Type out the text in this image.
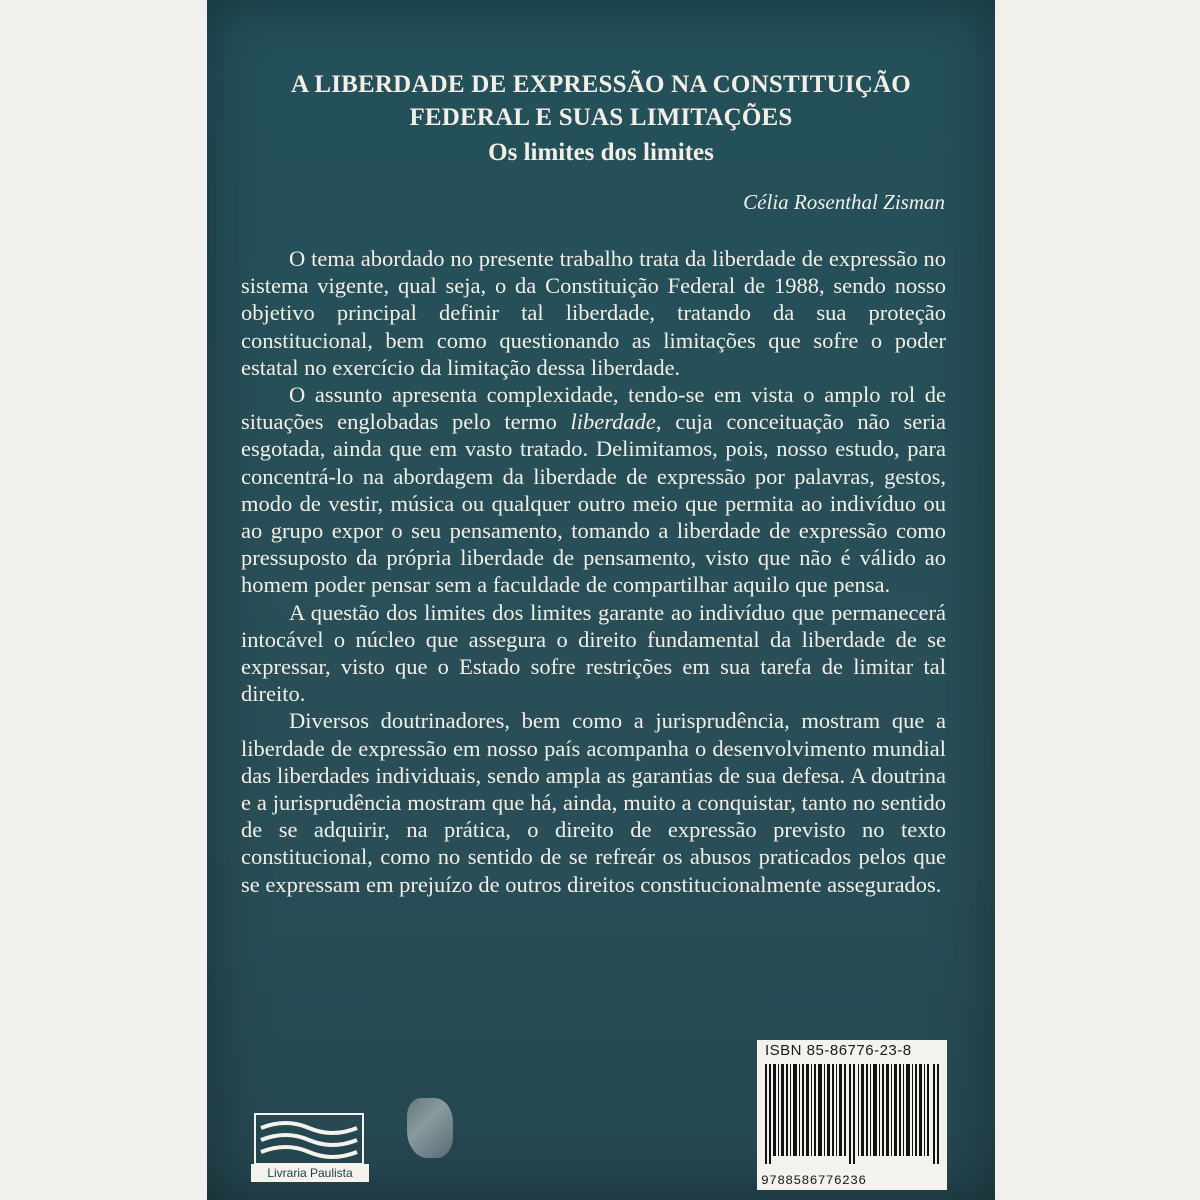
A LIBERDADE DE EXPRESSÃO NA CONSTITUIÇÃO
FEDERAL E SUAS LIMITAÇÕES
Os limites dos limites
Célia Rosenthal Zisman

O tema abordado no presente trabalho trata da liberdade de expressão no sistema vigente, qual seja, o da Constituição Federal de 1988, sendo nosso objetivo principal definir tal liberdade, tratando da sua proteção constitucional, bem como questionando as limitações que sofre o poder estatal no exercício da limitação dessa liberdade.

O assunto apresenta complexidade, tendo-se em vista o amplo rol de situações englobadas pelo termo liberdade, cuja conceituação não seria esgotada, ainda que em vasto tratado. Delimitamos, pois, nosso estudo, para concentrá-lo na abordagem da liberdade de expressão por palavras, gestos, modo de vestir, música ou qualquer outro meio que permita ao indivíduo ou ao grupo expor o seu pensamento, tomando a liberdade de expressão como pressuposto da própria liberdade de pensamento, visto que não é válido ao homem poder pensar sem a faculdade de compartilhar aquilo que pensa.

A questão dos limites dos limites garante ao indivíduo que permanecerá intocável o núcleo que assegura o direito fundamental da liberdade de se expressar, visto que o Estado sofre restrições em sua tarefa de limitar tal direito.

Diversos doutrinadores, bem como a jurisprudência, mostram que a liberdade de expressão em nosso país acompanha o desenvolvimento mundial das liberdades individuais, sendo ampla as garantias de sua defesa. A doutrina e a jurisprudência mostram que há, ainda, muito a conquistar, tanto no sentido de se adquirir, na prática, o direito de expressão previsto no texto constitucional, como no sentido de se refreár os abusos praticados pelos que se expressam em prejuízo de outros direitos constitucionalmente assegurados.

Livraria Paulista
ISBN 85-86776-23-8
9788586776236
